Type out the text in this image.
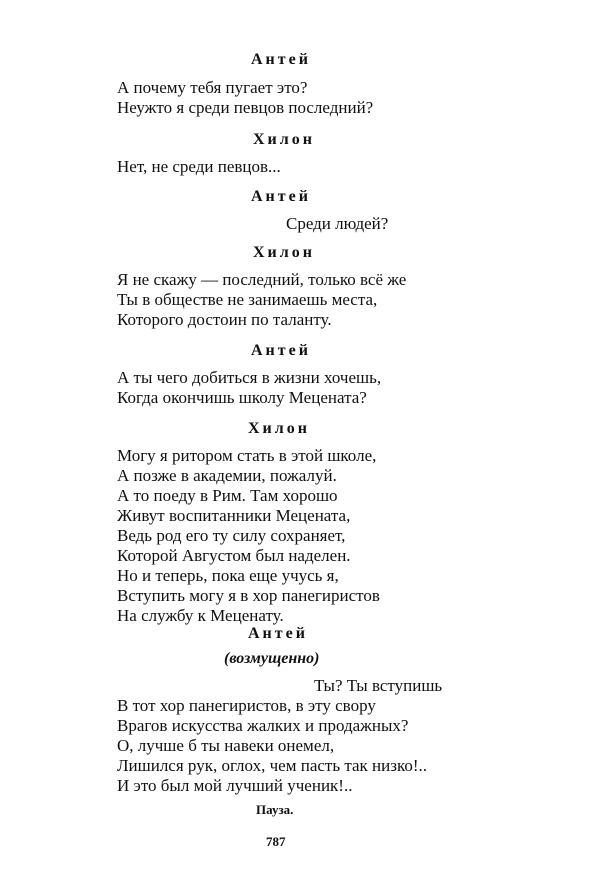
Антей
А почему тебя пугает это?
Неужто я среди певцов последний?
Хилон
Нет, не среди певцов...
Антей
Среди людей?
Хилон
Я не скажу — последний, только всё же
Ты в обществе не занимаешь места,
Которого достоин по таланту.
Антей
А ты чего добиться в жизни хочешь,
Когда окончишь школу Мецената?
Хилон
Могу я ритором стать в этой школе,
А позже в академии, пожалуй.
А то поеду в Рим. Там хорошо
Живут воспитанники Мецената,
Ведь род его ту силу сохраняет,
Которой Августом был наделен.
Но и теперь, пока еще учусь я,
Вступить могу я в хор панегиристов
На службу к Меценату.
Антей
(возмущенно)
Ты? Ты вступишь
В тот хор панегиристов, в эту свору
Врагов искусства жалких и продажных?
О, лучше б ты навеки онемел,
Лишился рук, оглох, чем пасть так низко!..
И это был мой лучший ученик!..
Пауза.
787
